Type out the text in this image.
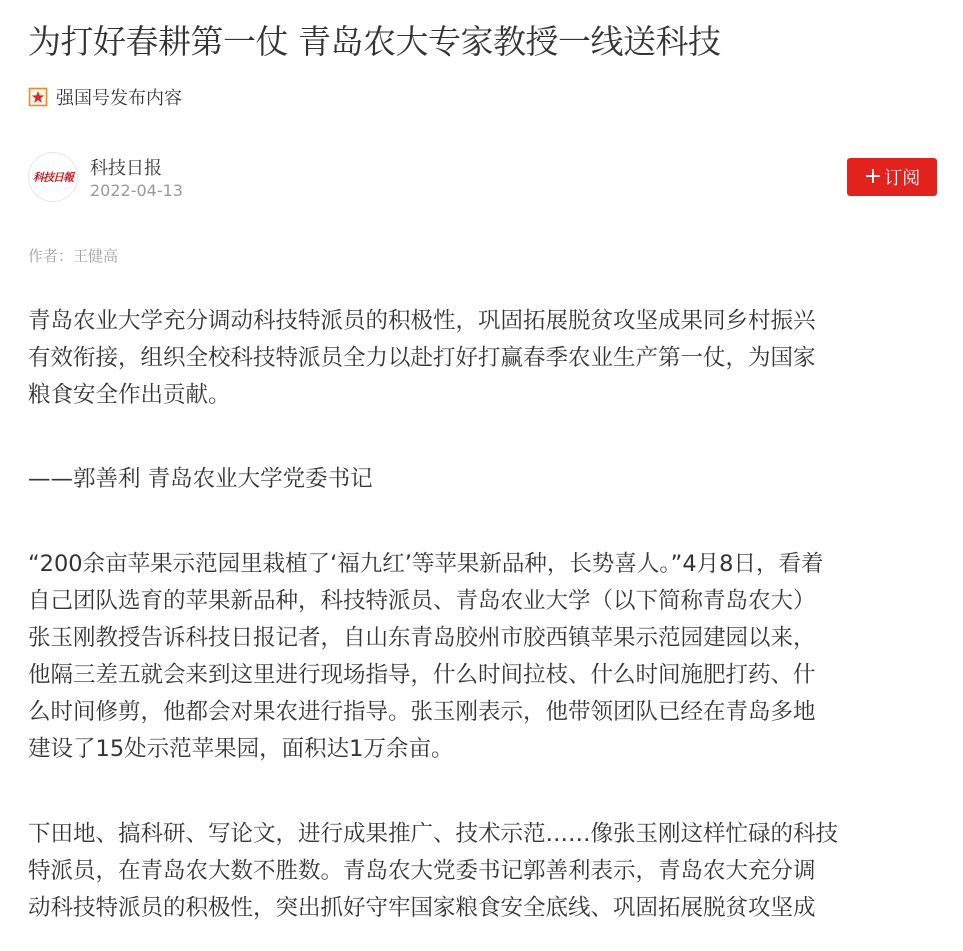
为打好春耕第一仗 青岛农大专家教授一线送科技
强国号发布内容
科技日報 科技日报
2022-04-13
+ 订阅
作者：王健高

青岛农业大学充分调动科技特派员的积极性，巩固拓展脱贫攻坚成果同乡村振兴
有效衔接，组织全校科技特派员全力以赴打好打赢春季农业生产第一仗，为国家
粮食安全作出贡献。

——郭善利 青岛农业大学党委书记

“200余亩苹果示范园里栽植了‘福九红’等苹果新品种，长势喜人。”4月8日，看着
自己团队选育的苹果新品种，科技特派员、青岛农业大学（以下简称青岛农大）
张玉刚教授告诉科技日报记者，自山东青岛胶州市胶西镇苹果示范园建园以来，
他隔三差五就会来到这里进行现场指导，什么时间拉枝、什么时间施肥打药、什
么时间修剪，他都会对果农进行指导。张玉刚表示，他带领团队已经在青岛多地
建设了15处示范苹果园，面积达1万余亩。

下田地、搞科研、写论文，进行成果推广、技术示范……像张玉刚这样忙碌的科技
特派员，在青岛农大数不胜数。青岛农大党委书记郭善利表示，青岛农大充分调
动科技特派员的积极性，突出抓好守牢国家粮食安全底线、巩固拓展脱贫攻坚成
